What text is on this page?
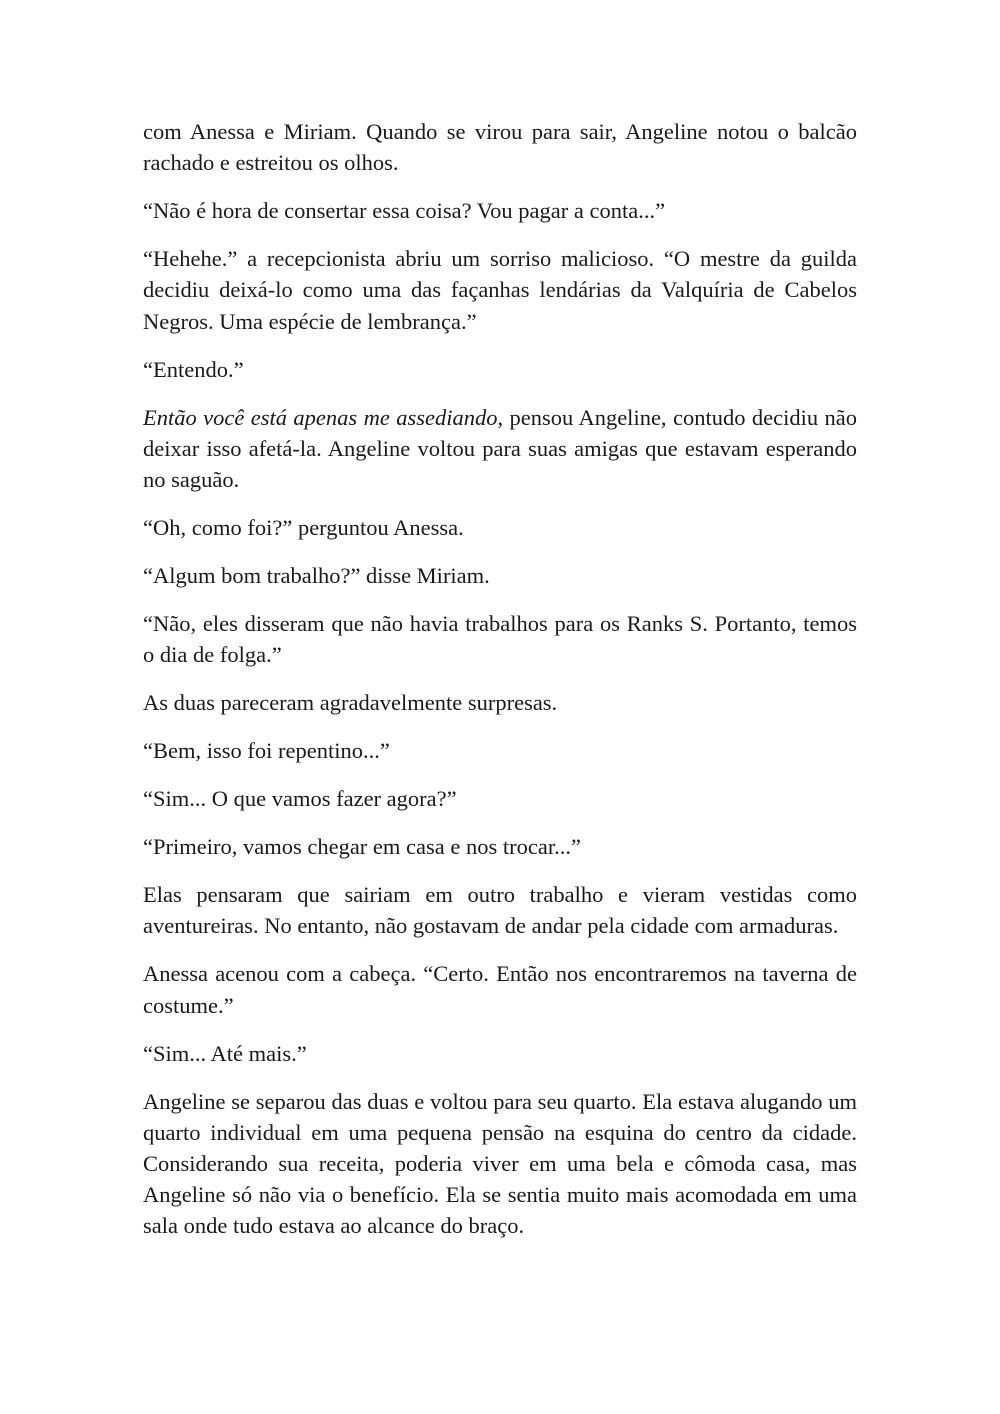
com Anessa e Miriam. Quando se virou para sair, Angeline notou o balcão rachado e estreitou os olhos.

“Não é hora de consertar essa coisa? Vou pagar a conta...”

“Hehehe.” a recepcionista abriu um sorriso malicioso. “O mestre da guilda decidiu deixá-lo como uma das façanhas lendárias da Valquíria de Cabelos Negros. Uma espécie de lembrança.”

“Entendo.”

Então você está apenas me assediando, pensou Angeline, contudo decidiu não deixar isso afetá-la. Angeline voltou para suas amigas que estavam esperando no saguão.

“Oh, como foi?” perguntou Anessa.

“Algum bom trabalho?” disse Miriam.

“Não, eles disseram que não havia trabalhos para os Ranks S. Portanto, temos o dia de folga.”

As duas pareceram agradavelmente surpresas.

“Bem, isso foi repentino...”

“Sim... O que vamos fazer agora?”

“Primeiro, vamos chegar em casa e nos trocar...”

Elas pensaram que sairiam em outro trabalho e vieram vestidas como aventureiras. No entanto, não gostavam de andar pela cidade com armaduras.

Anessa acenou com a cabeça. “Certo. Então nos encontraremos na taverna de costume.”

“Sim... Até mais.”

Angeline se separou das duas e voltou para seu quarto. Ela estava alugando um quarto individual em uma pequena pensão na esquina do centro da cidade. Considerando sua receita, poderia viver em uma bela e cômoda casa, mas Angeline só não via o benefício. Ela se sentia muito mais acomodada em uma sala onde tudo estava ao alcance do braço.
